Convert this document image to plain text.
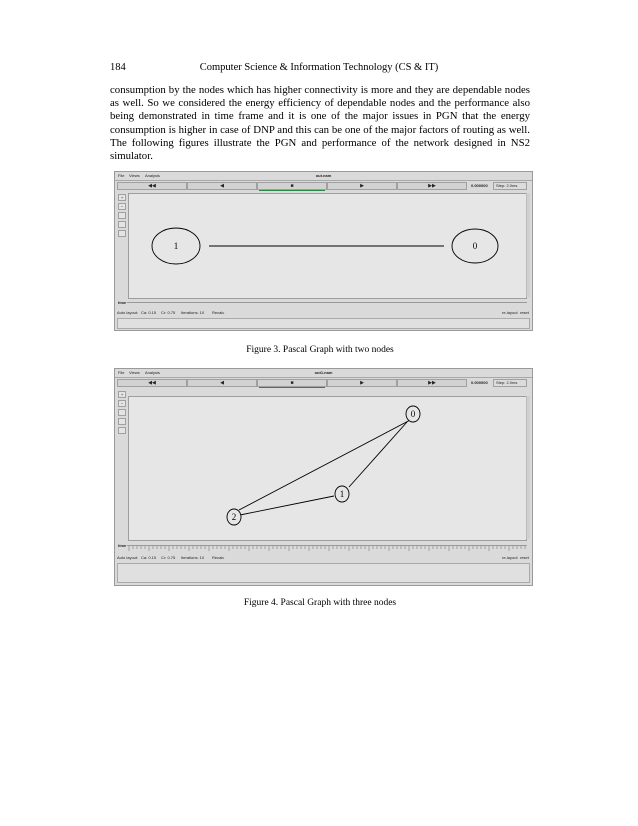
184	Computer Science & Information Technology (CS & IT)
consumption by the nodes which has higher connectivity is more and they are dependable nodes as well. So we considered the energy efficiency of dependable nodes and the performance also being demonstrated in time frame and it is one of the major issues in PGN that the energy consumption is higher in case of DNP and this can be one of the major factors of routing as well. The following figures illustrate the PGN and performance of the network designed in NS2 simulator.
File Views Analysis	out.nam
◀◀	◀	■	▶	▶▶	0.000000	Step: 2.0ms
+
−
1	0
time
Auto layout: Ca: 0.15 Cr: 0.75 Iterations: 10 Recalc	re-layout reset
Figure 3. Pascal Graph with two nodes
File Views Analysis	out1.nam
◀◀	◀	■	▶	▶▶	0.000000	Step: 2.0ms
+
−
0
1
2
time
Auto layout: Ca: 0.15 Cr: 0.75 Iterations: 10 Recalc	re-layout reset
Figure 4. Pascal Graph with three nodes
